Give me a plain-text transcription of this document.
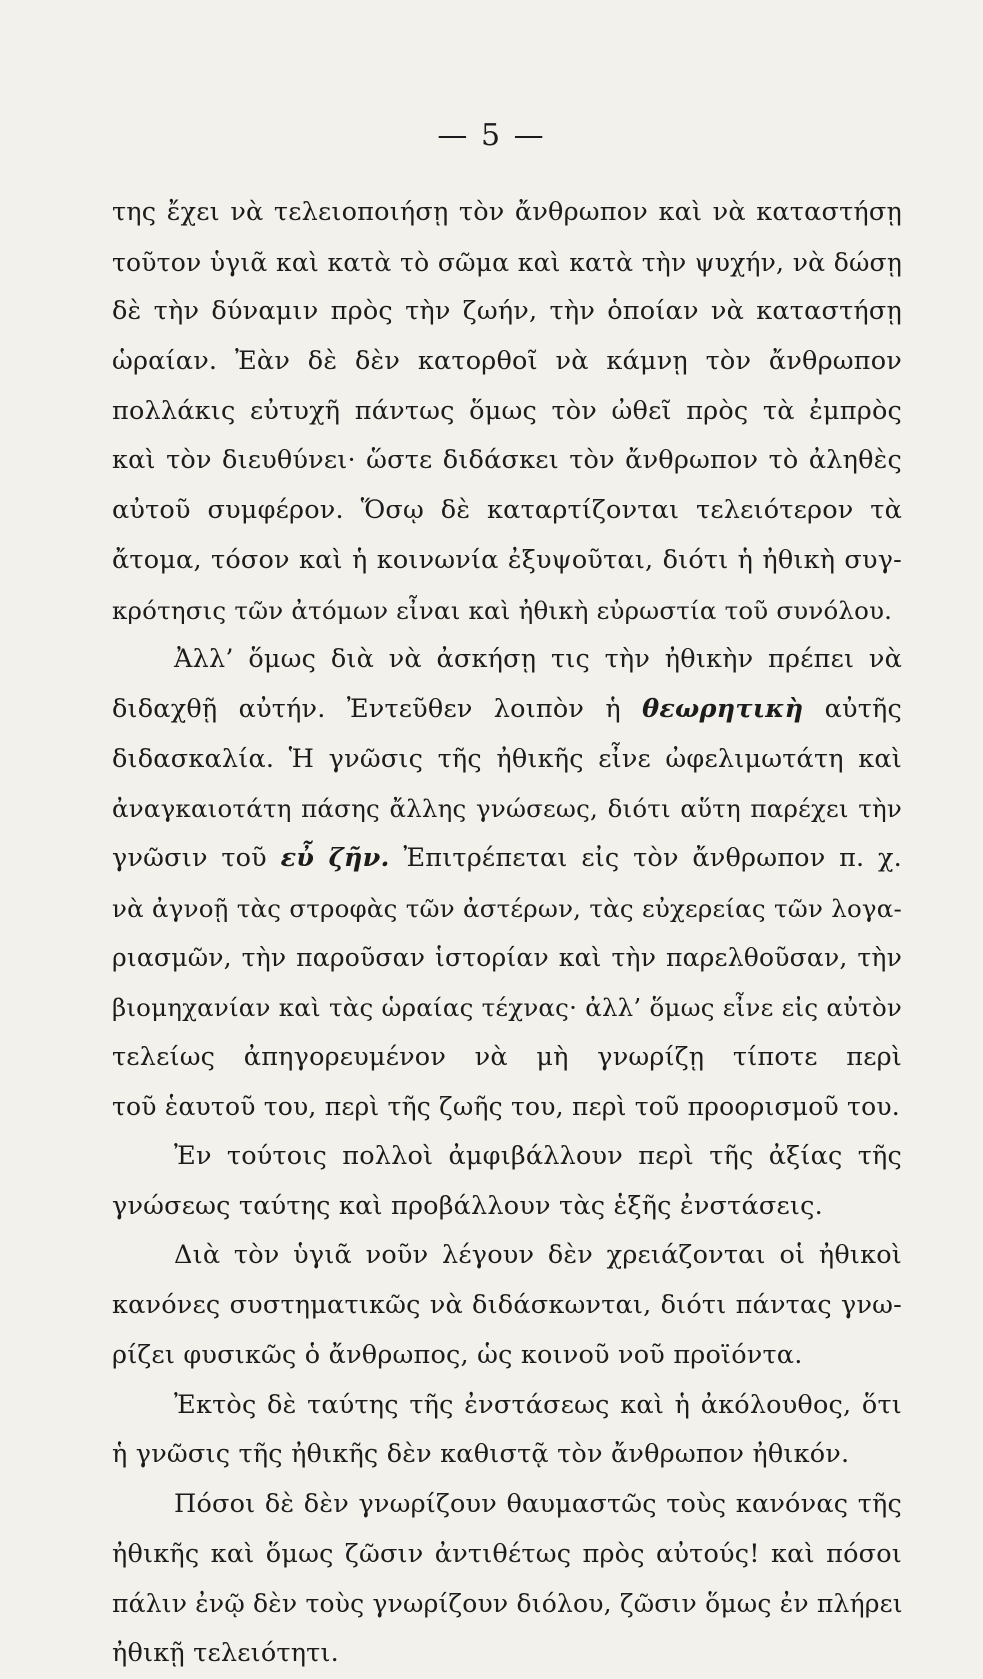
— 5 —
της ἔχει νὰ τελειοποιήσῃ τὸν ἄνθρωπον καὶ νὰ καταστήσῃ
τοῦτον ὑγιᾶ καὶ κατὰ τὸ σῶμα καὶ κατὰ τὴν ψυχήν, νὰ δώσῃ
δὲ τὴν δύναμιν πρὸς τὴν ζωήν, τὴν ὁποίαν νὰ καταστήσῃ
ὡραίαν. Ἐὰν δὲ δὲν κατορθοῖ νὰ κάμνῃ τὸν ἄνθρωπον
πολλάκις εὐτυχῆ πάντως ὅμως τὸν ὠθεῖ πρὸς τὰ ἐμπρὸς
καὶ τὸν διευθύνει· ὥστε διδάσκει τὸν ἄνθρωπον τὸ ἀληθὲς
αὐτοῦ συμφέρον. Ὅσῳ δὲ καταρτίζονται τελειότερον τὰ
ἄτομα, τόσον καὶ ἡ κοινωνία ἐξυψοῦται, διότι ἡ ἠθικὴ συγ-
κρότησις τῶν ἀτόμων εἶναι καὶ ἠθικὴ εὐρωστία τοῦ συνόλου.
Ἀλλ’ ὅμως διὰ νὰ ἀσκήσῃ τις τὴν ἠθικὴν πρέπει νὰ
διδαχθῇ αὐτήν. Ἐντεῦθεν λοιπὸν ἡ θεωρητικὴ αὐτῆς
διδασκαλία. Ἡ γνῶσις τῆς ἠθικῆς εἶνε ὠφελιμωτάτη καὶ
ἀναγκαιοτάτη πάσης ἄλλης γνώσεως, διότι αὕτη παρέχει τὴν
γνῶσιν τοῦ εὖ ζῆν. Ἐπιτρέπεται εἰς τὸν ἄνθρωπον π. χ.
νὰ ἀγνοῇ τὰς στροφὰς τῶν ἀστέρων, τὰς εὐχερείας τῶν λογα-
ριασμῶν, τὴν παροῦσαν ἱστορίαν καὶ τὴν παρελθοῦσαν, τὴν
βιομηχανίαν καὶ τὰς ὡραίας τέχνας· ἀλλ’ ὅμως εἶνε εἰς αὐτὸν
τελείως ἀπηγορευμένον νὰ μὴ γνωρίζῃ τίποτε περὶ
τοῦ ἑαυτοῦ του, περὶ τῆς ζωῆς του, περὶ τοῦ προορισμοῦ του.
Ἐν τούτοις πολλοὶ ἀμφιβάλλουν περὶ τῆς ἀξίας τῆς
γνώσεως ταύτης καὶ προβάλλουν τὰς ἑξῆς ἐνστάσεις.
Διὰ τὸν ὑγιᾶ νοῦν λέγουν δὲν χρειάζονται οἱ ἠθικοὶ
κανόνες συστηματικῶς νὰ διδάσκωνται, διότι πάντας γνω-
ρίζει φυσικῶς ὁ ἄνθρωπος, ὡς κοινοῦ νοῦ προϊόντα.
Ἐκτὸς δὲ ταύτης τῆς ἐνστάσεως καὶ ἡ ἀκόλουθος, ὅτι
ἡ γνῶσις τῆς ἠθικῆς δὲν καθιστᾷ τὸν ἄνθρωπον ἠθικόν.
Πόσοι δὲ δὲν γνωρίζουν θαυμαστῶς τοὺς κανόνας τῆς
ἠθικῆς καὶ ὅμως ζῶσιν ἀντιθέτως πρὸς αὐτούς! καὶ πόσοι
πάλιν ἐνῷ δὲν τοὺς γνωρίζουν διόλου, ζῶσιν ὅμως ἐν πλήρει
ἠθικῇ τελειότητι.
